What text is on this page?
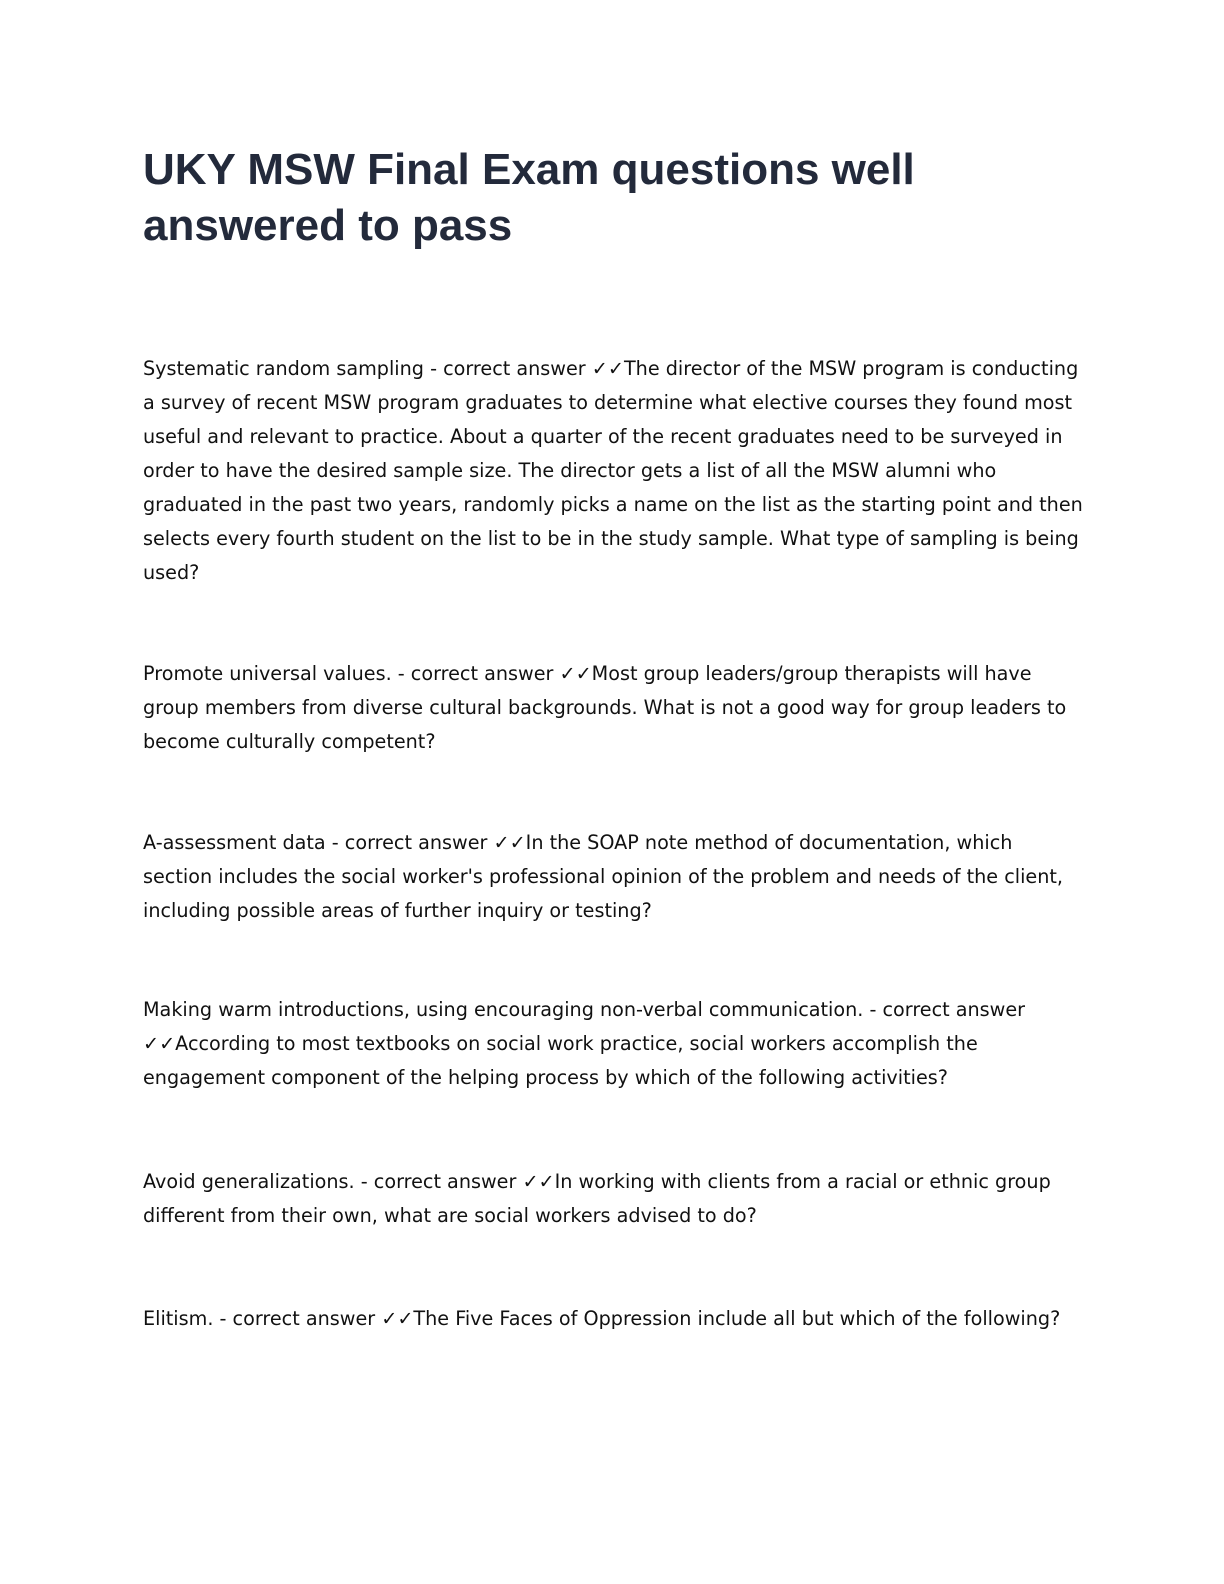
UKY MSW Final Exam questions well answered to pass

Systematic random sampling - correct answer ✓✓The director of the MSW program is conducting a survey of recent MSW program graduates to determine what elective courses they found most useful and relevant to practice. About a quarter of the recent graduates need to be surveyed in order to have the desired sample size. The director gets a list of all the MSW alumni who graduated in the past two years, randomly picks a name on the list as the starting point and then selects every fourth student on the list to be in the study sample. What type of sampling is being used?

Promote universal values. - correct answer ✓✓Most group leaders/group therapists will have group members from diverse cultural backgrounds. What is not a good way for group leaders to become culturally competent?

A-assessment data - correct answer ✓✓In the SOAP note method of documentation, which section includes the social worker's professional opinion of the problem and needs of the client, including possible areas of further inquiry or testing?

Making warm introductions, using encouraging non-verbal communication. - correct answer ✓✓According to most textbooks on social work practice, social workers accomplish the engagement component of the helping process by which of the following activities?

Avoid generalizations. - correct answer ✓✓In working with clients from a racial or ethnic group different from their own, what are social workers advised to do?

Elitism. - correct answer ✓✓The Five Faces of Oppression include all but which of the following?
